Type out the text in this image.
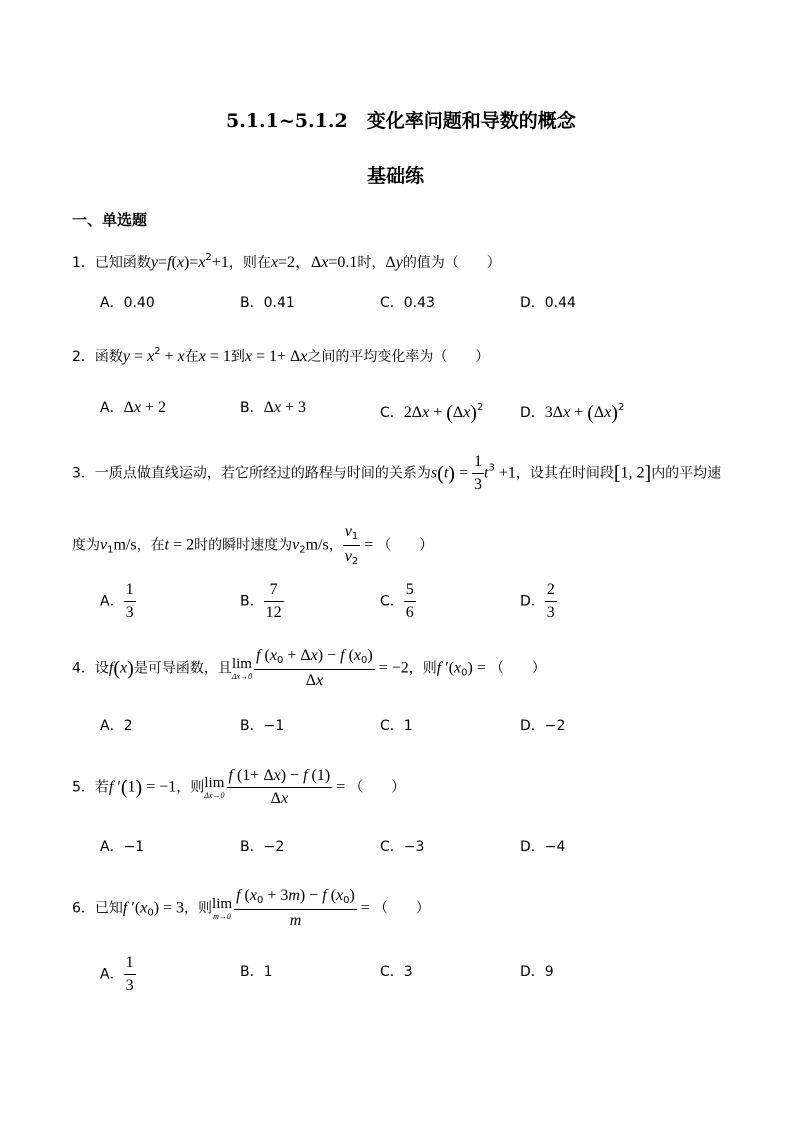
5.1.1~5.1.2　变化率问题和导数的概念
基础练
一、单选题
1．已知函数$y=f(x)=x^2+1$，则在x=2，Δx=0.1时，Δy的值为（　　）
A．0.40	B．0.41	C．0.43	D．0.44
2．函数$y = x^2 + x$在x = 1到x = 1+ Δx之间的平均变化率为（　　）
A．Δx + 2	B．Δx + 3	C．$2\Delta x + (\Delta x)^2$	D．$3\Delta x + (\Delta x)^2$
3．一质点做直线运动，若它所经过的路程与时间的关系为$s(t) = \frac{1}{3} t^3 +1$，设其在时间段[1, 2]内的平均速
度为$v_1m/s$，在t = 2时的瞬时速度为$v_2m/s$， $\frac{v_1}{v_2}$ = （　　）
A． $\frac{1}{3}$	B． $\frac{7}{12}$	C． $\frac{5}{6}$	D． $\frac{2}{3}$
4．设f(x)是可导函数，且 lim
$\Delta x\to 0 \frac{f (x_0 + \Delta x) - f (x_0)}{\Delta x} = -2$，则f $'(x_0)$ = （　　）
A．2	B．−1	C．1	D．−2
5．若f ′(1) = −1，则 lim
$\Delta x\to 0 \frac{f (1+ \Delta x) - f (1)}{\Delta x}$ = （　　）
A．−1	B．−2	C．−3	D．−4
6．已知f $'(x_0) = 3$，则 lim
$m\to 0 \frac{f (x_0 + 3m) - f (x_0)}{m}$ = （　　）
A． $\frac{1}{3}$	B．1	C．3	D．9
